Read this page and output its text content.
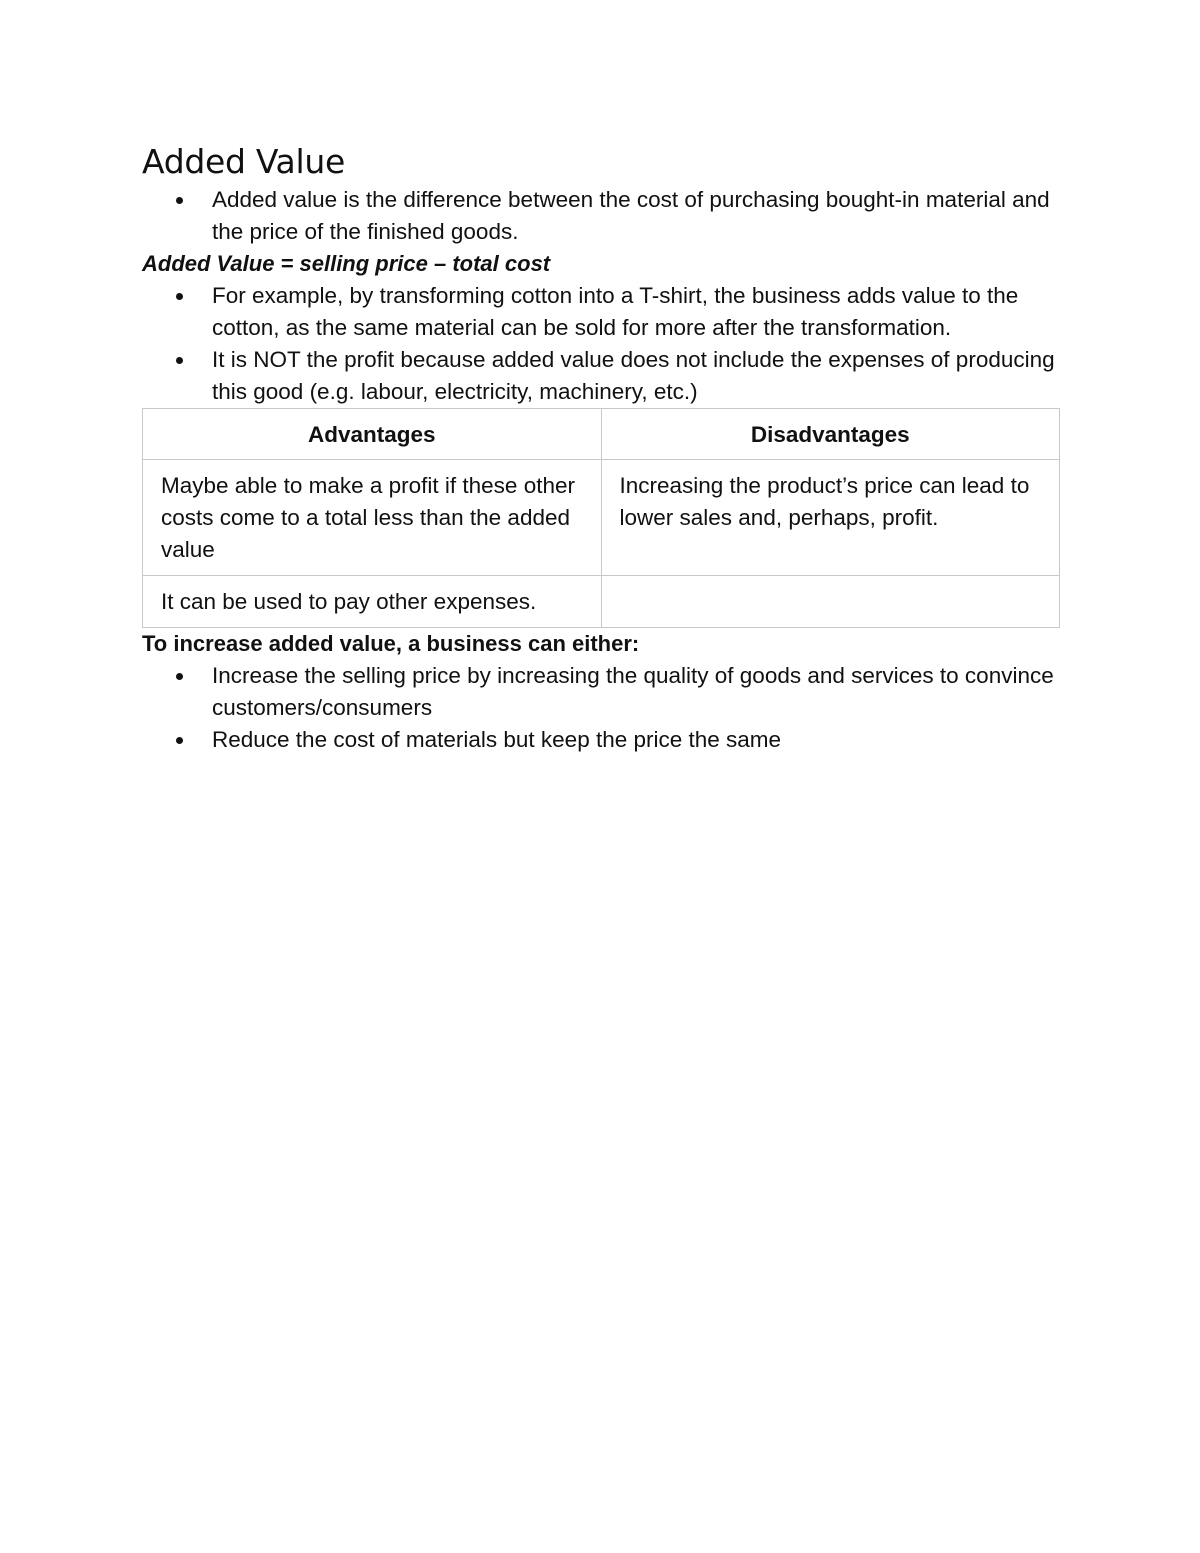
Added Value
Added value is the difference between the cost of purchasing bought-in material and the price of the finished goods.
Added Value = selling price – total cost
For example, by transforming cotton into a T-shirt, the business adds value to the cotton, as the same material can be sold for more after the transformation.
It is NOT the profit because added value does not include the expenses of producing this good (e.g. labour, electricity, machinery, etc.)
Advantages	Disadvantages
Maybe able to make a profit if these other costs come to a total less than the added value	Increasing the product’s price can lead to lower sales and, perhaps, profit.
It can be used to pay other expenses.	
To increase added value, a business can either:
Increase the selling price by increasing the quality of goods and services to convince customers/consumers
Reduce the cost of materials but keep the price the same
